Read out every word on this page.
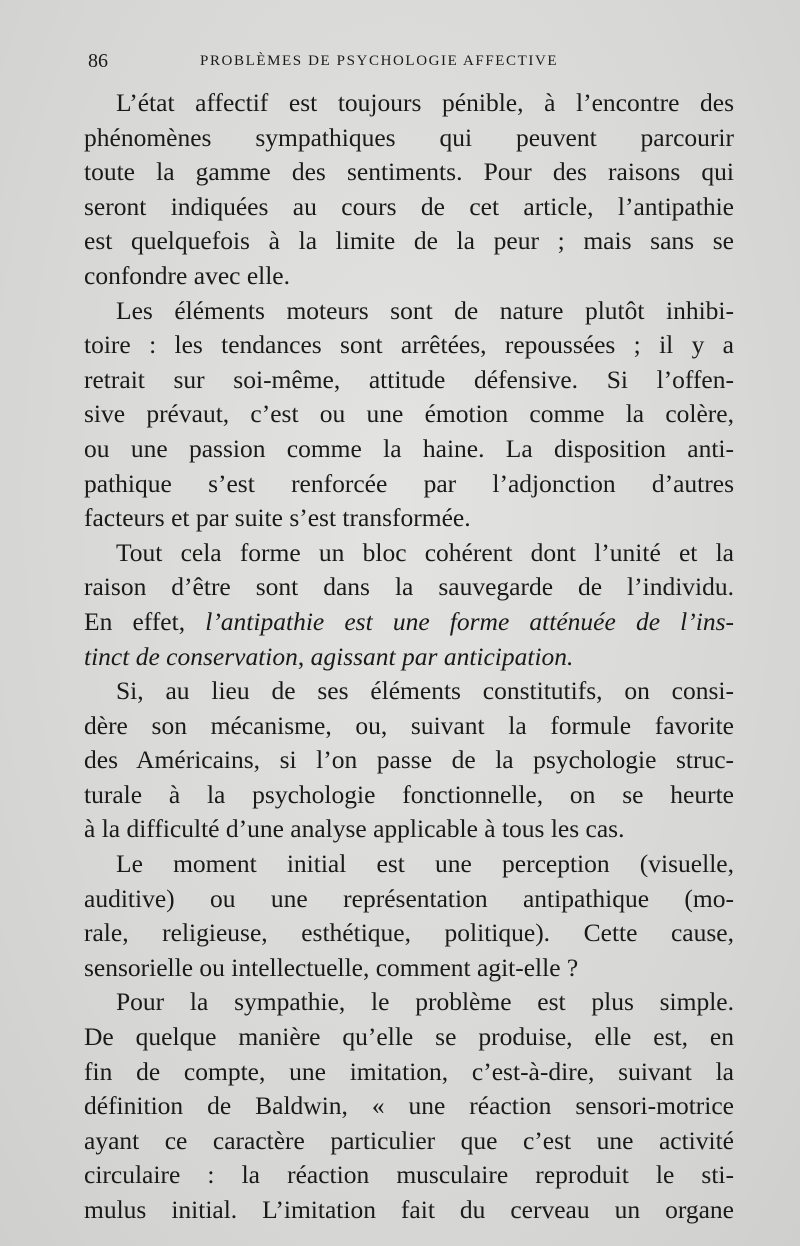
86	PROBLÈMES DE PSYCHOLOGIE AFFECTIVE
L’état affectif est toujours pénible, à l’encontre des
phénomènes sympathiques qui peuvent parcourir
toute la gamme des sentiments. Pour des raisons qui
seront indiquées au cours de cet article, l’antipathie
est quelquefois à la limite de la peur ; mais sans se
confondre avec elle.
Les éléments moteurs sont de nature plutôt inhibi-
toire : les tendances sont arrêtées, repoussées ; il y a
retrait sur soi-même, attitude défensive. Si l’offen-
sive prévaut, c’est ou une émotion comme la colère,
ou une passion comme la haine. La disposition anti-
pathique s’est renforcée par l’adjonction d’autres
facteurs et par suite s’est transformée.
Tout cela forme un bloc cohérent dont l’unité et la
raison d’être sont dans la sauvegarde de l’individu.
En effet, l’antipathie est une forme atténuée de l’ins-
tinct de conservation, agissant par anticipation.
Si, au lieu de ses éléments constitutifs, on consi-
dère son mécanisme, ou, suivant la formule favorite
des Américains, si l’on passe de la psychologie struc-
turale à la psychologie fonctionnelle, on se heurte
à la difficulté d’une analyse applicable à tous les cas.
Le moment initial est une perception (visuelle,
auditive) ou une représentation antipathique (mo-
rale, religieuse, esthétique, politique). Cette cause,
sensorielle ou intellectuelle, comment agit-elle ?
Pour la sympathie, le problème est plus simple.
De quelque manière qu’elle se produise, elle est, en
fin de compte, une imitation, c’est-à-dire, suivant la
définition de Baldwin, « une réaction sensori-motrice
ayant ce caractère particulier que c’est une activité
circulaire : la réaction musculaire reproduit le sti-
mulus initial. L’imitation fait du cerveau un organe
